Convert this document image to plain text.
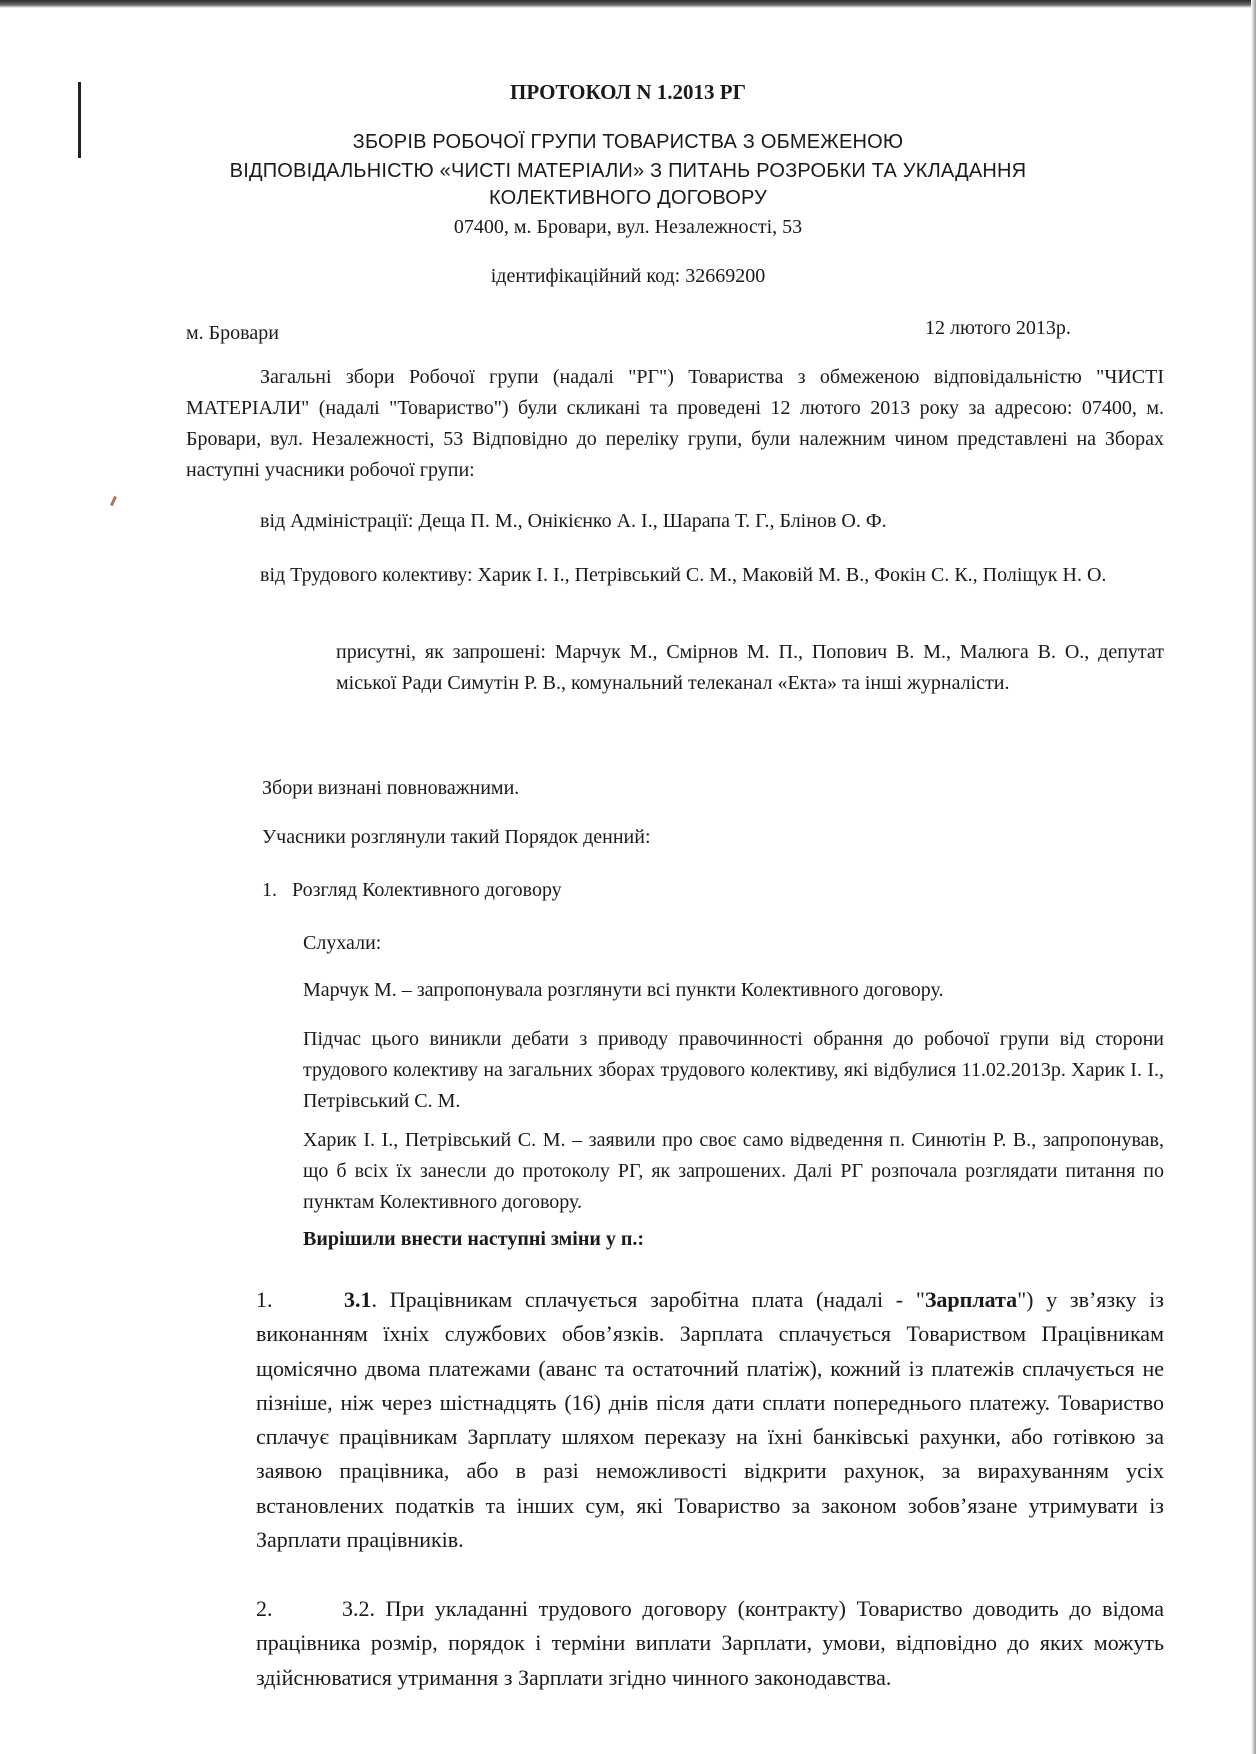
ПРОТОКОЛ N 1.2013 РГ
ЗБОРІВ РОБОЧОЇ ГРУПИ ТОВАРИСТВА З ОБМЕЖЕНОЮ
ВІДПОВІДАЛЬНІСТЮ «ЧИСТІ МАТЕРІАЛИ» З ПИТАНЬ РОЗРОБКИ ТА УКЛАДАННЯ
КОЛЕКТИВНОГО ДОГОВОРУ
07400, м. Бровари, вул. Незалежності, 53
ідентифікаційний код: 32669200
м. Бровари	12 лютого 2013р.
Загальні збори Робочої групи (надалі "РГ") Товариства з обмеженою відповідальністю "ЧИСТІ МАТЕРІАЛИ" (надалі "Товариство") були скликані та проведені 12 лютого 2013 року за адресою: 07400, м. Бровари, вул. Незалежності, 53 Відповідно до переліку групи, були належним чином представлені на Зборах наступні учасники робочої групи:
від Адміністрації: Деща П. М., Онікієнко А. І., Шарапа Т. Г., Блінов О. Ф.
від Трудового колективу: Харик І. І., Петрівський С. М., Маковій М. В., Фокін С. К., Поліщук Н. О.
присутні, як запрошені: Марчук М., Смірнов М. П., Попович В. М., Малюга В. О., депутат міської Ради Симутін Р. В., комунальний телеканал «Екта» та інші журналісти.
Збори визнані повноважними.
Учасники розглянули такий Порядок денний:
1.   Розгляд Колективного договору
Слухали:
Марчук М. – запропонувала розглянути всі пункти Колективного договору.
Підчас цього виникли дебати з приводу правочинності обрання до робочої групи від сторони трудового колективу на загальних зборах трудового колективу, які відбулися 11.02.2013р. Харик І. І., Петрівський С. М.
Харик І. І., Петрівський С. М. – заявили про своє само відведення п. Синютін Р. В., запропонував, що б всіх їх занесли до протоколу РГ, як запрошених. Далі РГ розпочала розглядати питання по пунктам Колективного договору.
Вирішили внести наступні зміни у п.:
1.	3.1. Працівникам сплачується заробітна плата (надалі - "Зарплата") у зв’язку із виконанням їхніх службових обов’язків. Зарплата сплачується Товариством Працівникам щомісячно двома платежами (аванс та остаточний платіж), кожний із платежів сплачується не пізніше, ніж через шістнадцять (16) днів після дати сплати попереднього платежу. Товариство сплачує працівникам Зарплату шляхом переказу на їхні банківські рахунки, або готівкою за заявою працівника, або в разі неможливості відкрити рахунок, за вирахуванням усіх встановлених податків та інших сум, які Товариство за законом зобов’язане утримувати із Зарплати працівників.
2.	3.2. При укладанні трудового договору (контракту) Товариство доводить до відома працівника розмір, порядок і терміни виплати Зарплати, умови, відповідно до яких можуть здійснюватися утримання з Зарплати згідно чинного законодавства.
